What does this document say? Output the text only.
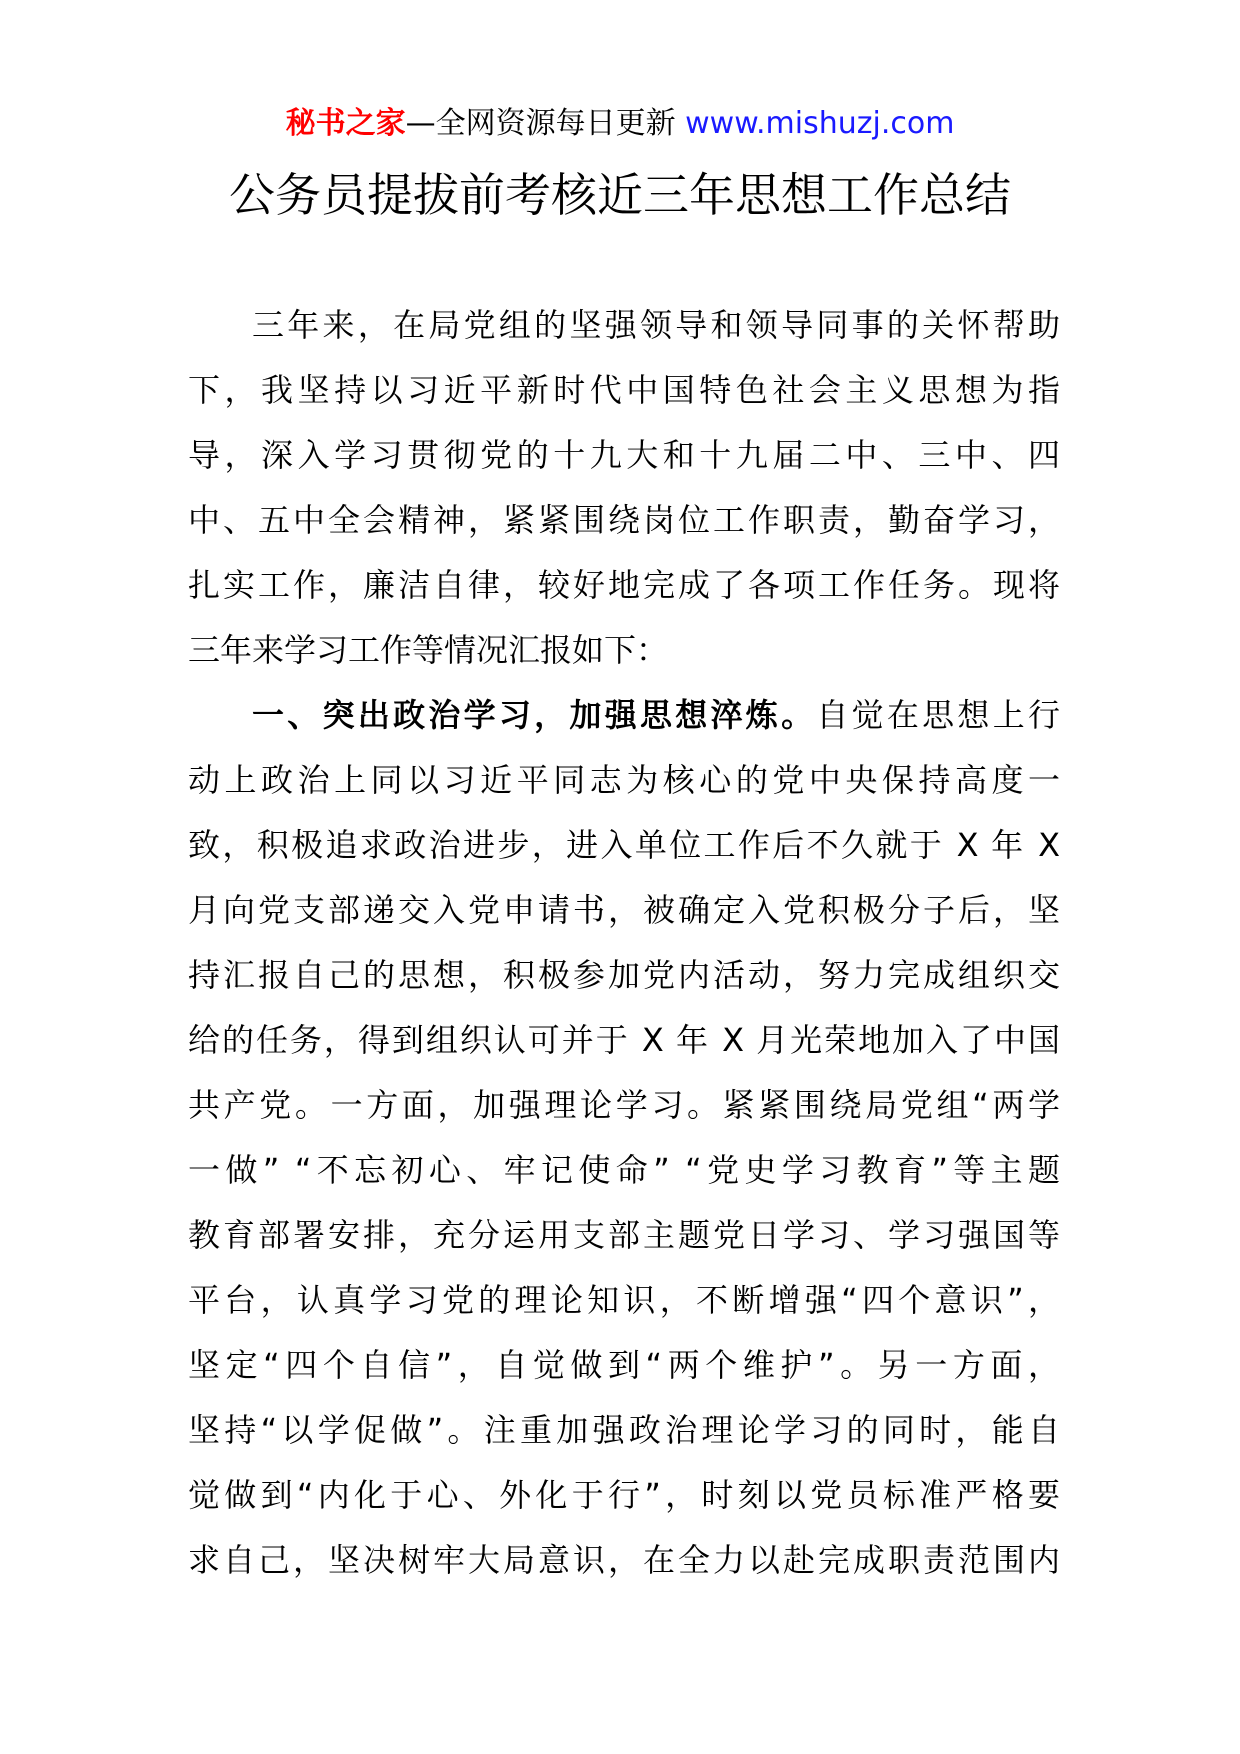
秘书之家—全网资源每日更新 www.mishuzj.com
公务员提拔前考核近三年思想工作总结
三年来，在局党组的坚强领导和领导同事的关怀帮助
下，我坚持以习近平新时代中国特色社会主义思想为指
导，深入学习贯彻党的十九大和十九届二中、三中、四
中、五中全会精神，紧紧围绕岗位工作职责，勤奋学习，
扎实工作，廉洁自律，较好地完成了各项工作任务。现将
三年来学习工作等情况汇报如下：
一、突出政治学习，加强思想淬炼。自觉在思想上行
动上政治上同以习近平同志为核心的党中央保持高度一
致，积极追求政治进步，进入单位工作后不久就于 X 年 X
月向党支部递交入党申请书，被确定入党积极分子后，坚
持汇报自己的思想，积极参加党内活动，努力完成组织交
给的任务，得到组织认可并于 X 年 X 月光荣地加入了中国
共产党。一方面，加强理论学习。紧紧围绕局党组“两学
一做” “不忘初心、牢记使命” “党史学习教育”等主题
教育部署安排，充分运用支部主题党日学习、学习强国等
平台，认真学习党的理论知识，不断增强“四个意识”，
坚定“四个自信”，自觉做到“两个维护”。另一方面，
坚持“以学促做”。注重加强政治理论学习的同时，能自
觉做到“内化于心、外化于行”，时刻以党员标准严格要
求自己，坚决树牢大局意识，在全力以赴完成职责范围内
